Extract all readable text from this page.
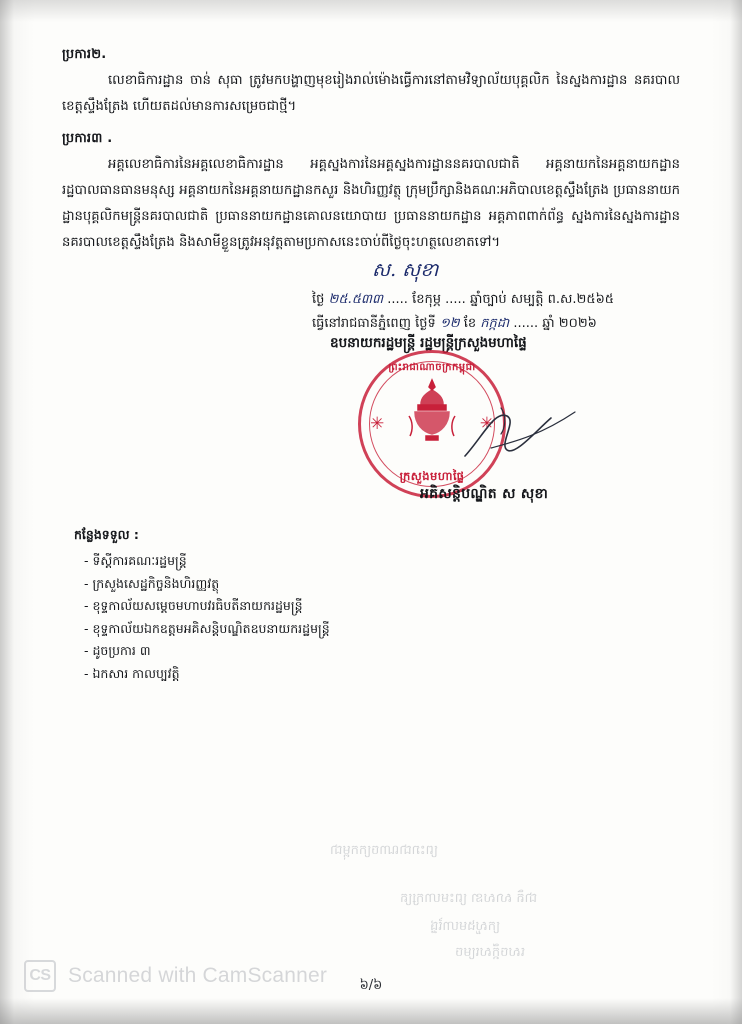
ប្រការ២.
លេខាធិការដ្ឋាន ចាន់ សុធា ត្រូវមកបង្ហាញមុខរៀងរាល់ម៉ោងធ្វើការនៅតាមវិទ្យាល័យបុគ្គលិក នៃស្នងការដ្ឋាន នគរបាលខេត្តស្ទឹងត្រែង ហើយតដល់មានការសម្រេចជាថ្មី។
ប្រការ៣ .
អគ្គលេខាធិការនៃអគ្គលេខាធិការដ្ឋាន អគ្គស្នងការនៃអគ្គស្នងការដ្ឋាននគរបាលជាតិ អគ្គនាយកនៃអគ្គនាយកដ្ឋានរដ្ឋបាលធានធានមនុស្ស អគ្គនាយកនៃអគ្គនាយកដ្ឋានកសួរ និងហិរញ្ញវត្ថុ ក្រុមប្រឹក្សានិងគណៈអភិបាលខេត្តស្ទឹងត្រែង ប្រធាននាយកដ្ឋានបុគ្គលិកមន្ត្រីនគរបាលជាតិ ប្រធាននាយកដ្ឋានគោលនយោបាយ ប្រធាននាយកដ្ឋាន អគ្គភាពពាក់ព័ន្ធ ស្នងការនៃស្នងការដ្ឋាននគរបាលខេត្តស្ទឹងត្រែង និងសាមីខ្លួនត្រូវអនុវត្តតាមប្រកាសនេះចាប់ពីថ្ងៃចុះហត្ថលេខាតទៅ។
ស. សុខា
ថ្ងៃ ២៥.៥៣៣ ..... ខែកុម្ភ ..... ឆ្នាំច្បាប់ សម្បត្តិ ព.ស.២៥៦៥
ធ្វើនៅរាជធានីភ្នំពេញ ថ្ងៃទី ១២ ខែ កក្កដា ...... ឆ្នាំ ២០២៦
ឧបនាយករដ្ឋមន្ត្រី រដ្ឋមន្ត្រីក្រសួងមហាផ្ទៃ
ព្រះរាជាណាចក្រកម្ពុជា
✳	✳
ក្រសួងមហាផ្ទៃ
អគិសន្តិបណ្ឌិត ស សុខា
កន្លែងទទួល :
- ទីស្តីការគណៈរដ្ឋមន្ត្រី
- ក្រសួងសេដ្ឋកិច្ចនិងហិរញ្ញវត្ថុ
- ខុទ្ទកាល័យសម្តេចមហាបវរធិបតីនាយករដ្ឋមន្ត្រី
- ខុទ្ទកាល័យឯកឧត្តមអគិសន្តិបណ្ឌិតឧបនាយករដ្ឋមន្ត្រី
- ដូចប្រការ ៣
- ឯកសារ កាលប្បវត្តិ
ព្រះរាជាណាចក្រកម្ពុជា
ជាតិ សាសនា ព្រះមហាក្សត្រ
ក្រសួងមហាផ្ទៃ
សេចក្តីសម្រេច
៦/៦
CS Scanned with CamScanner
